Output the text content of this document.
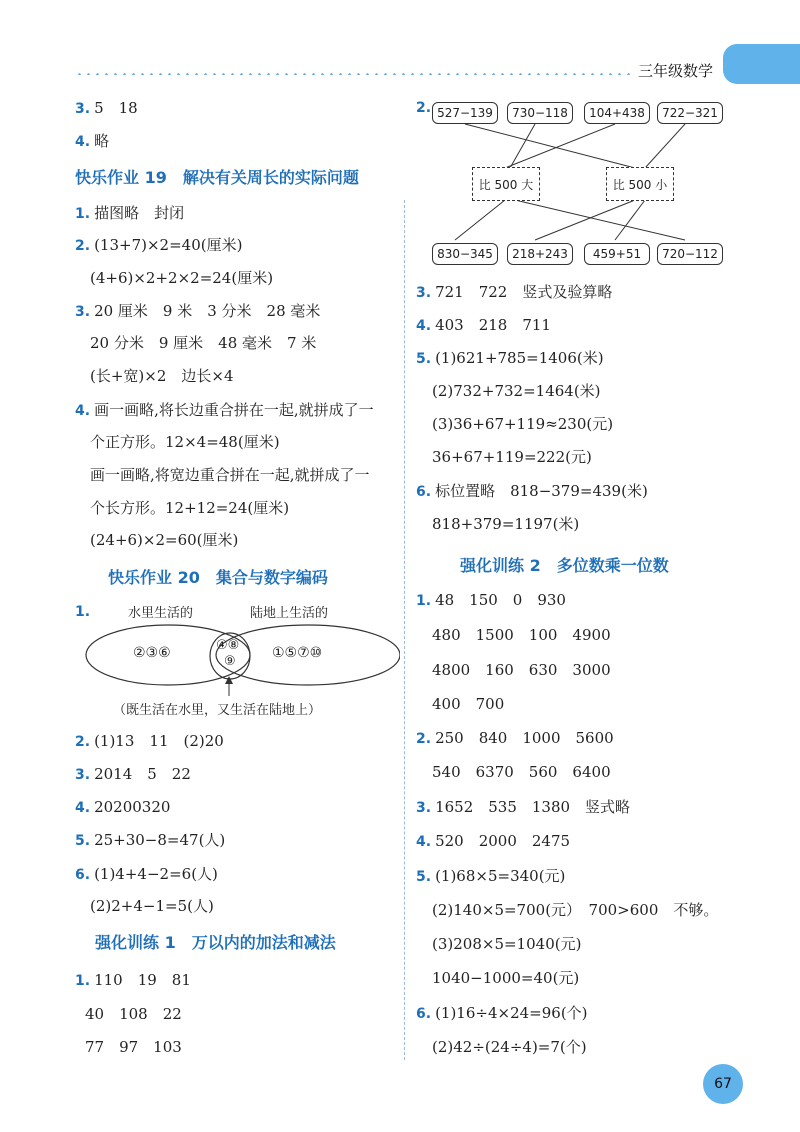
三年级数学
3. 5　18
4. 略
快乐作业 19　解决有关周长的实际问题
1. 描图略　封闭
2. (13+7)×2=40(厘米)
(4+6)×2+2×2=24(厘米)
3. 20 厘米　9 米　3 分米　28 毫米
20 分米　9 厘米　48 毫米　7 米
(长+宽)×2　边长×4
4. 画一画略,将长边重合拼在一起,就拼成了一
个正方形。12×4=48(厘米)
画一画略,将宽边重合拼在一起,就拼成了一
个长方形。12+12=24(厘米)
(24+6)×2=60(厘米)
快乐作业 20　集合与数字编码
1.	水里生活的	陆地上生活的
②③⑥	④⑧
⑨
①⑤⑦⑩
（既生活在水里，又生活在陆地上）
2. (1)13　11　(2)20
3. 2014　5　22
4. 20200320
5. 25+30−8=47(人)
6. (1)4+4−2=6(人)
(2)2+4−1=5(人)
强化训练 1　万以内的加法和减法
1. 110　19　81
40　108　22
77　97　103
2. 527−139	730−118	104+438	722−321
比 500 大	比 500 小
830−345	218+243	459+51	720−112
3. 721　722　竖式及验算略
4. 403　218　711
5. (1)621+785=1406(米)
(2)732+732=1464(米)
(3)36+67+119≈230(元)
36+67+119=222(元)
6. 标位置略　818−379=439(米)
818+379=1197(米)
强化训练 2　多位数乘一位数
1. 48　150　0　930
480　1500　100　4900
4800　160　630　3000
400　700
2. 250　840　1000　5600
540　6370　560　6400
3. 1652　535　1380　竖式略
4. 520　2000　2475
5. (1)68×5=340(元)
(2)140×5=700(元）　700>600　不够。
(3)208×5=1040(元)
1040−1000=40(元)
6. (1)16÷4×24=96(个)
(2)42÷(24÷4)=7(个)
67
